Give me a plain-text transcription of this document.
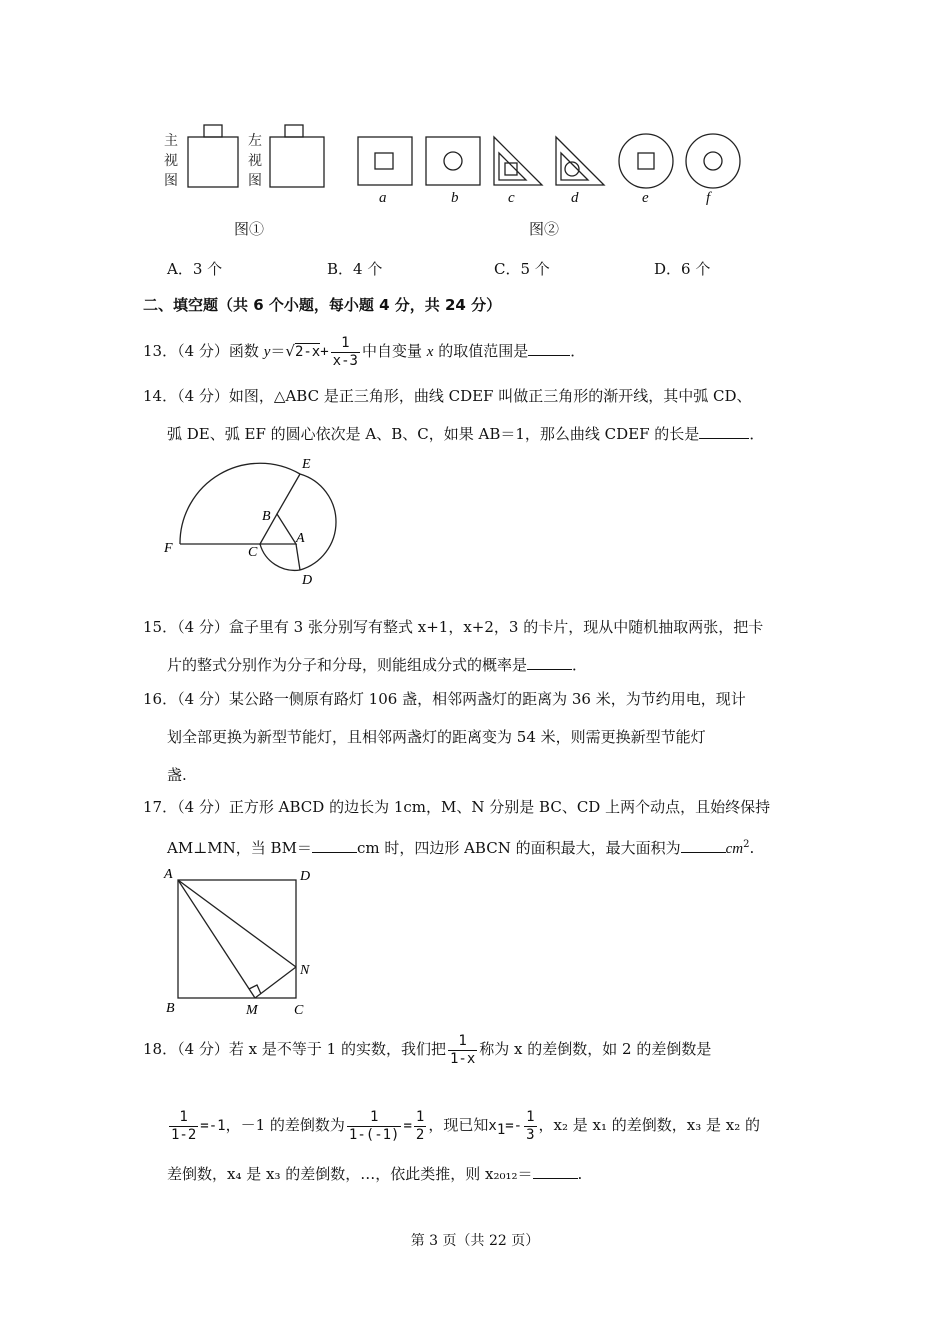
主
视
图
左
视
图
a	b	c	d	e	f
图①	图②
A．3 个	B．4 个	C．5 个	D．6 个
二、填空题（共 6 个小题，每小题 4 分，共 24 分）
13．（4 分）函数 $y=√2-x+ \frac{1}{x-3}$ 中自变量 x 的取值范围是	．
14．（4 分）如图，△ABC 是正三角形，曲线 CDEF 叫做正三角形的渐开线，其中弧 CD、
弧 DE、弧 EF 的圆心依次是 A、B、C，如果 AB＝1，那么曲线 CDEF 的长是	．
E
B
F	C
A
D
15．（4 分）盒子里有 3 张分别写有整式 x+1，x+2，3 的卡片，现从中随机抽取两张，把卡
片的整式分别作为分子和分母，则能组成分式的概率是	．
16．（4 分）某公路一侧原有路灯 106 盏，相邻两盏灯的距离为 36 米，为节约用电，现计
划全部更换为新型节能灯，且相邻两盏灯的距离变为 54 米，则需更换新型节能灯
盏.
17．（4 分）正方形 ABCD 的边长为 1cm，M、N 分别是 BC、CD 上两个动点，且始终保持
AM⊥MN，当 BM＝	cm 时，四边形 ABCN 的面积最大，最大面积为	$cm^2$.
A	D
N
B	M	C
18．（4 分）若 x 是不等于 1 的实数，我们把 $\frac{1}{1-x}$ 称为 x 的差倒数，如 2 的差倒数是
$\frac{1}{1-2} =-1$，－1 的差倒数为 $\frac{1}{1-(-1)} = \frac{1}{2}$ ，现已知$x_1=- \frac{1}{3}$ ，x₂ 是 x₁ 的差倒数，x₃ 是 x₂ 的
差倒数，x₄ 是 x₃ 的差倒数，…，依此类推，则 x₂₀₁₂＝	.
第 3 页（共 22 页）
